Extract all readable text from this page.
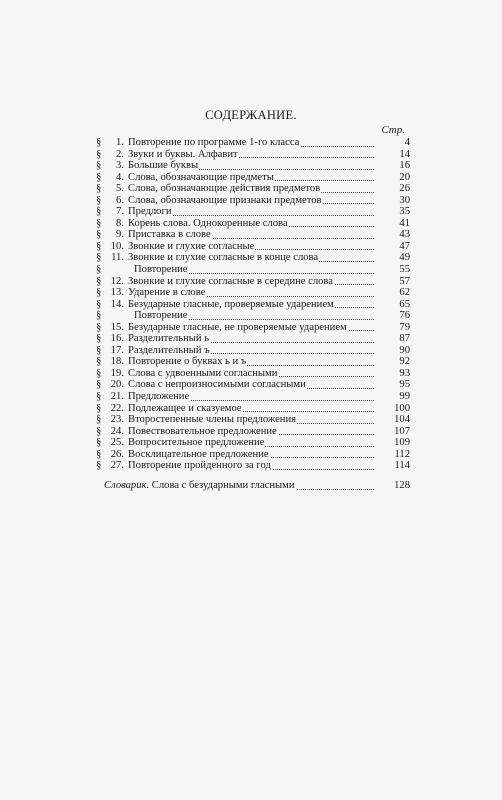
СОДЕРЖАНИЕ.
Стр.
§	1. Повторение по программе 1-го класса	4
§	2. Звуки и буквы. Алфавит	14
§	3. Большие буквы	16
§	4. Слова, обозначающие предметы	20
§	5. Слова, обозначающие действия предметов	26
§	6. Слова, обозначающие признаки предметов	30
§	7. Предлоги	35
§	8. Корень слова. Однокоренные слова	41
§	9. Приставка в слове	43
§ 10. Звонкие и глухие согласные	47
§ 11. Звонкие и глухие согласные в конце слова	49
§	Повторение	55
§ 12. Звонкие и глухие согласные в середине слова	57
§ 13. Ударение в слове	62
§ 14. Безударные гласные, проверяемые ударением	65
§	Повторение	76
§ 15. Безударные гласные, не проверяемые ударением	79
§ 16. Разделительный ь	87
§ 17. Разделительный ъ	90
§ 18. Повторение о буквах ь и ъ	92
§ 19. Слова с удвоенными согласными	93
§ 20. Слова с непроизносимыми согласными	95
§ 21. Предложение	99
§ 22. Подлежащее и сказуемое	100
§ 23. Второстепенные члены предложения	104
§ 24. Повествовательное предложение	107
§ 25. Вопросительное предложение	109
§ 26. Восклицательное предложение	112
§ 27. Повторение пройденного за год	114
Словарик. Слова с безударными гласными	128
